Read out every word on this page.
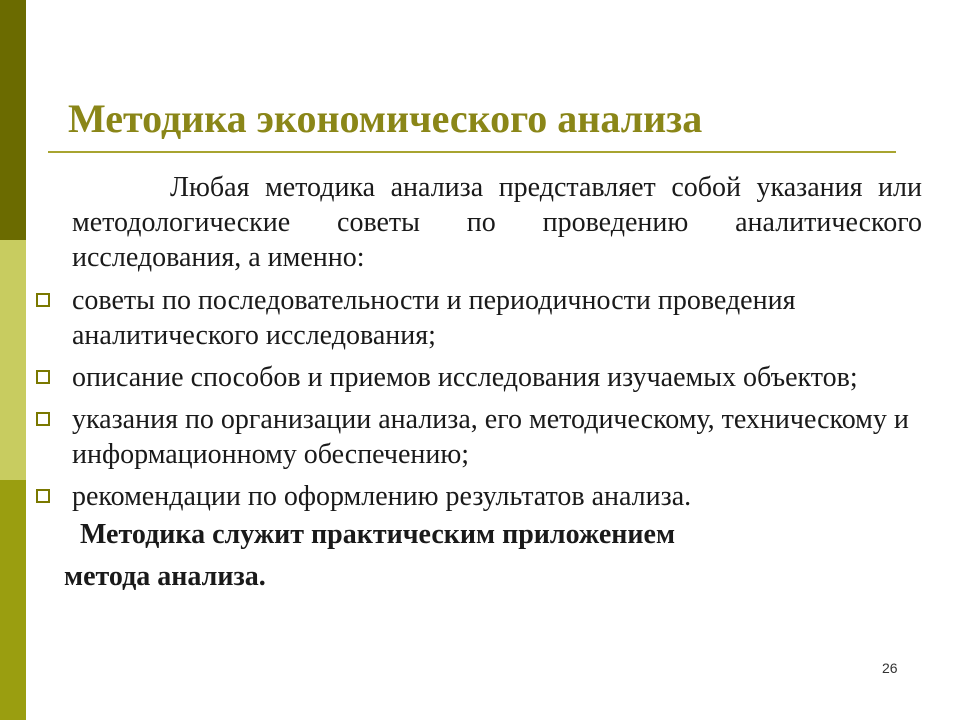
Методика экономического анализа

Любая методика анализа представляет собой указания или методологические советы по проведению аналитического исследования, а именно:

советы по последовательности и периодичности проведения аналитического исследования;
описание способов и приемов исследования изучаемых объектов;
указания по организации анализа, его методическому, техническому и информационному обеспечению;
рекомендации по оформлению результатов анализа.

Методика служит практическим приложением
метода анализа.

26
